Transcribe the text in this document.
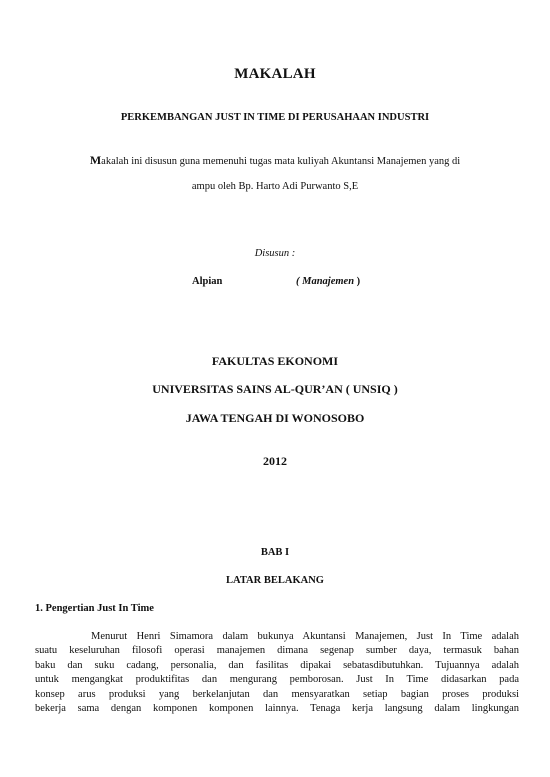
MAKALAH
PERKEMBANGAN JUST IN TIME DI PERUSAHAAN INDUSTRI
Makalah ini disusun guna memenuhi tugas mata kuliyah Akuntansi Manajemen yang di
ampu oleh Bp. Harto Adi Purwanto S,E
Disusun :
Alpian	( Manajemen )
FAKULTAS EKONOMI
UNIVERSITAS SAINS AL-QUR’AN ( UNSIQ )
JAWA TENGAH DI WONOSOBO
2012
BAB I
LATAR BELAKANG
1. Pengertian Just In Time
Menurut Henri Simamora dalam bukunya Akuntansi Manajemen, Just In Time adalah
suatu keseluruhan filosofi operasi manajemen dimana segenap sumber daya, termasuk bahan
baku dan suku cadang, personalia, dan fasilitas dipakai sebatasdibutuhkan. Tujuannya adalah
untuk mengangkat produktifitas dan mengurang pemborosan. Just In Time didasarkan pada
konsep arus produksi yang berkelanjutan dan mensyaratkan setiap bagian proses produksi
bekerja sama dengan komponen komponen lainnya. Tenaga kerja langsung dalam lingkungan
